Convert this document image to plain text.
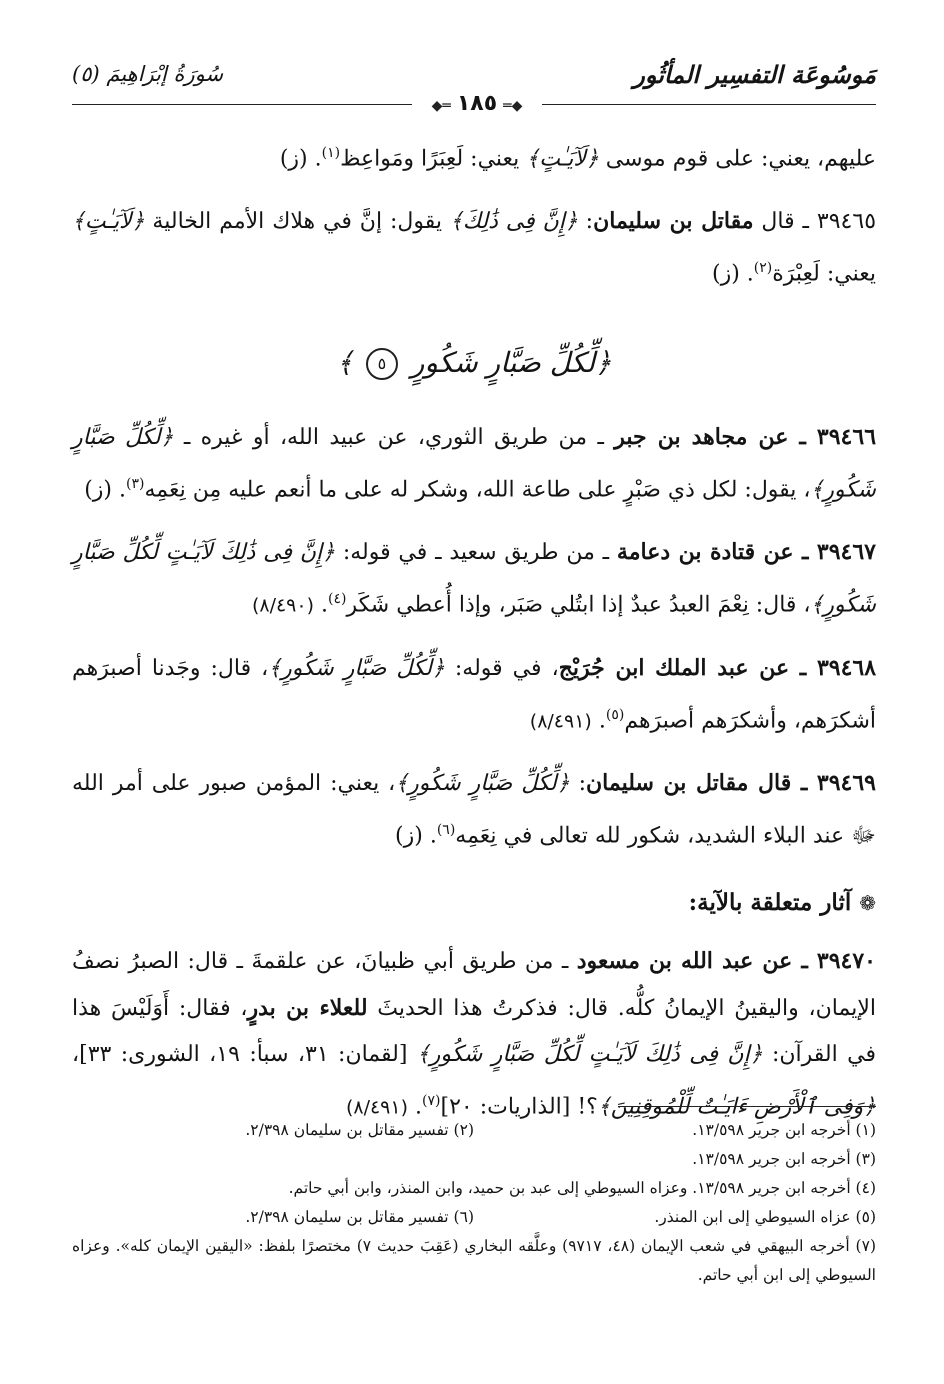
سُورَةُ إبْرَاهِيمَ (٥)	مَوسُوعَة التفسِير المأثُور
◆═ ١٨٥ ═◆

عليهم، يعني: على قوم موسى ﴿لَآيَـٰتٍ﴾ يعني: لَعِبَرًا ومَواعِظ$^{(١)}$. (ز)

٣٩٤٦٥ ـ قال مقاتل بن سليمان: ﴿إِنَّ فِى ذَٰلِكَ﴾ يقول: إنَّ في هلاك الأمم الخالية ﴿لَآيَـٰتٍ﴾ يعني: لَعِبْرَة$^{(٢)}$. (ز)

﴿لِّكُلِّ صَبَّارٍ شَكُورٍ ٥ ﴾

٣٩٤٦٦ ـ عن مجاهد بن جبر ـ من طريق الثوري، عن عبيد الله، أو غيره ـ ﴿لِّكُلِّ صَبَّارٍ شَكُورٍ﴾، يقول: لكل ذي صَبْرٍ على طاعة الله، وشكر له على ما أنعم عليه مِن نِعَمِه$^{(٣)}$. (ز)

٣٩٤٦٧ ـ عن قتادة بن دعامة ـ من طريق سعيد ـ في قوله: ﴿إِنَّ فِى ذَٰلِكَ لَآيَـٰتٍ لِّكُلِّ صَبَّارٍ شَكُورٍ﴾، قال: نِعْمَ العبدُ عبدٌ إذا ابتُلي صَبَر، وإذا أُعطي شَكَر$^{(٤)}$. (٨/٤٩٠)

٣٩٤٦٨ ـ عن عبد الملك ابن جُرَيْج، في قوله: ﴿لِّكُلِّ صَبَّارٍ شَكُورٍ﴾، قال: وجَدنا أصبرَهم أشكرَهم، وأشكرَهم أصبرَهم$^{(٥)}$. (٨/٤٩١)

٣٩٤٦٩ ـ قال مقاتل بن سليمان: ﴿لِّكُلِّ صَبَّارٍ شَكُورٍ﴾، يعني: المؤمن صبور على أمر الله ﷻ عند البلاء الشديد، شكور لله تعالى في نِعَمِه$^{(٦)}$. (ز)

❁آثار متعلقة بالآية:

٣٩٤٧٠ ـ عن عبد الله بن مسعود ـ من طريق أبي ظبيانَ، عن علقمةَ ـ قال: الصبرُ نصفُ الإيمان، واليقينُ الإيمانُ كلُّه. قال: فذكرتُ هذا الحديثَ للعلاء بن بدرٍ، فقال: أَوَلَيْسَ هذا في القرآن: ﴿إِنَّ فِى ذَٰلِكَ لَآيَـٰتٍ لِّكُلِّ صَبَّارٍ شَكُورٍ﴾ [لقمان: ٣١، سبأ: ١٩، الشورى: ٣٣]، ﴿وَفِى ٱلْأَرْضِ ءَايَـٰتٌ لِّلْمُوقِنِينَ﴾؟! [الذاريات: ٢٠]$^{(٧)}$. (٨/٤٩١)

(١) أخرجه ابن جرير ١٣/٥٩٨.
(٢) تفسير مقاتل بن سليمان ٢/٣٩٨.
(٣) أخرجه ابن جرير ١٣/٥٩٨.
(٤) أخرجه ابن جرير ١٣/٥٩٨. وعزاه السيوطي إلى عبد بن حميد، وابن المنذر، وابن أبي حاتم.
(٥) عزاه السيوطي إلى ابن المنذر.
(٦) تفسير مقاتل بن سليمان ٢/٣٩٨.
(٧) أخرجه البيهقي في شعب الإيمان (٤٨، ٩٧١٧) وعلَّقه البخاري (عَقِبَ حديث ٧) مختصرًا بلفظ: «اليقين الإيمان كله». وعزاه السيوطي إلى ابن أبي حاتم.
